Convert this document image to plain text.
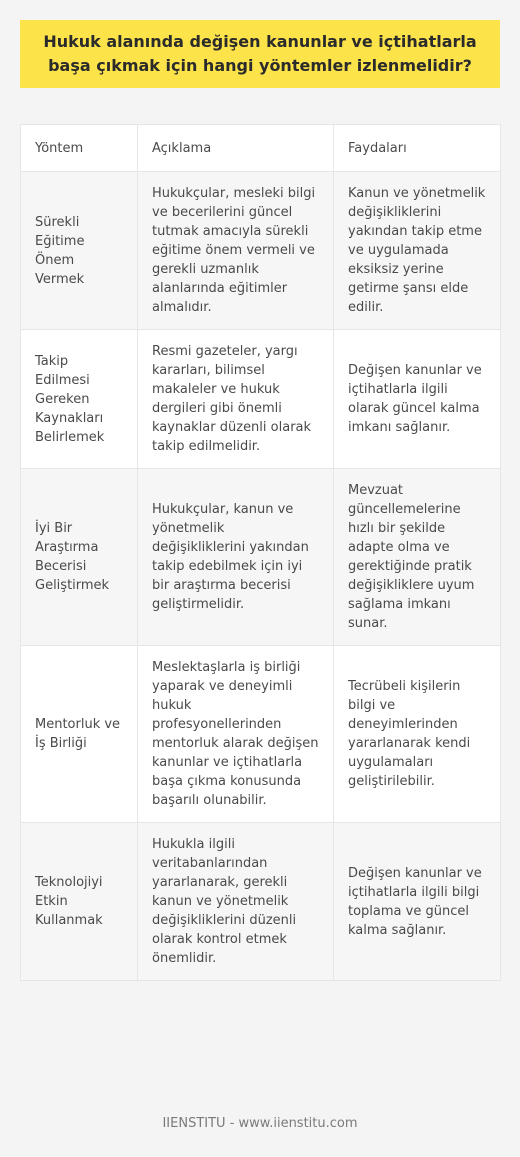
Hukuk alanında değişen kanunlar ve içtihatlarla başa çıkmak için hangi yöntemler izlenmelidir?
Yöntem	Açıklama	Faydaları
Sürekli Eğitime Önem Vermek	Hukukçular, mesleki bilgi ve becerilerini güncel tutmak amacıyla sürekli eğitime önem vermeli ve gerekli uzmanlık alanlarında eğitimler almalıdır.	Kanun ve yönetmelik değişikliklerini yakından takip etme ve uygulamada eksiksiz yerine getirme şansı elde edilir.
Takip Edilmesi Gereken Kaynakları Belirlemek	Resmi gazeteler, yargı kararları, bilimsel makaleler ve hukuk dergileri gibi önemli kaynaklar düzenli olarak takip edilmelidir.	Değişen kanunlar ve içtihatlarla ilgili olarak güncel kalma imkanı sağlanır.
İyi Bir Araştırma Becerisi Geliştirmek	Hukukçular, kanun ve yönetmelik değişikliklerini yakından takip edebilmek için iyi bir araştırma becerisi geliştirmelidir.	Mevzuat güncellemelerine hızlı bir şekilde adapte olma ve gerektiğinde pratik değişikliklere uyum sağlama imkanı sunar.
Mentorluk ve İş Birliği	Meslektaşlarla iş birliği yaparak ve deneyimli hukuk profesyonellerinden mentorluk alarak değişen kanunlar ve içtihatlarla başa çıkma konusunda başarılı olunabilir.	Tecrübeli kişilerin bilgi ve deneyimlerinden yararlanarak kendi uygulamaları geliştirilebilir.
Teknolojiyi Etkin Kullanmak	Hukukla ilgili veritabanlarından yararlanarak, gerekli kanun ve yönetmelik değişikliklerini düzenli olarak kontrol etmek önemlidir.	Değişen kanunlar ve içtihatlarla ilgili bilgi toplama ve güncel kalma sağlanır.
IIENSTITU - www.iienstitu.com
